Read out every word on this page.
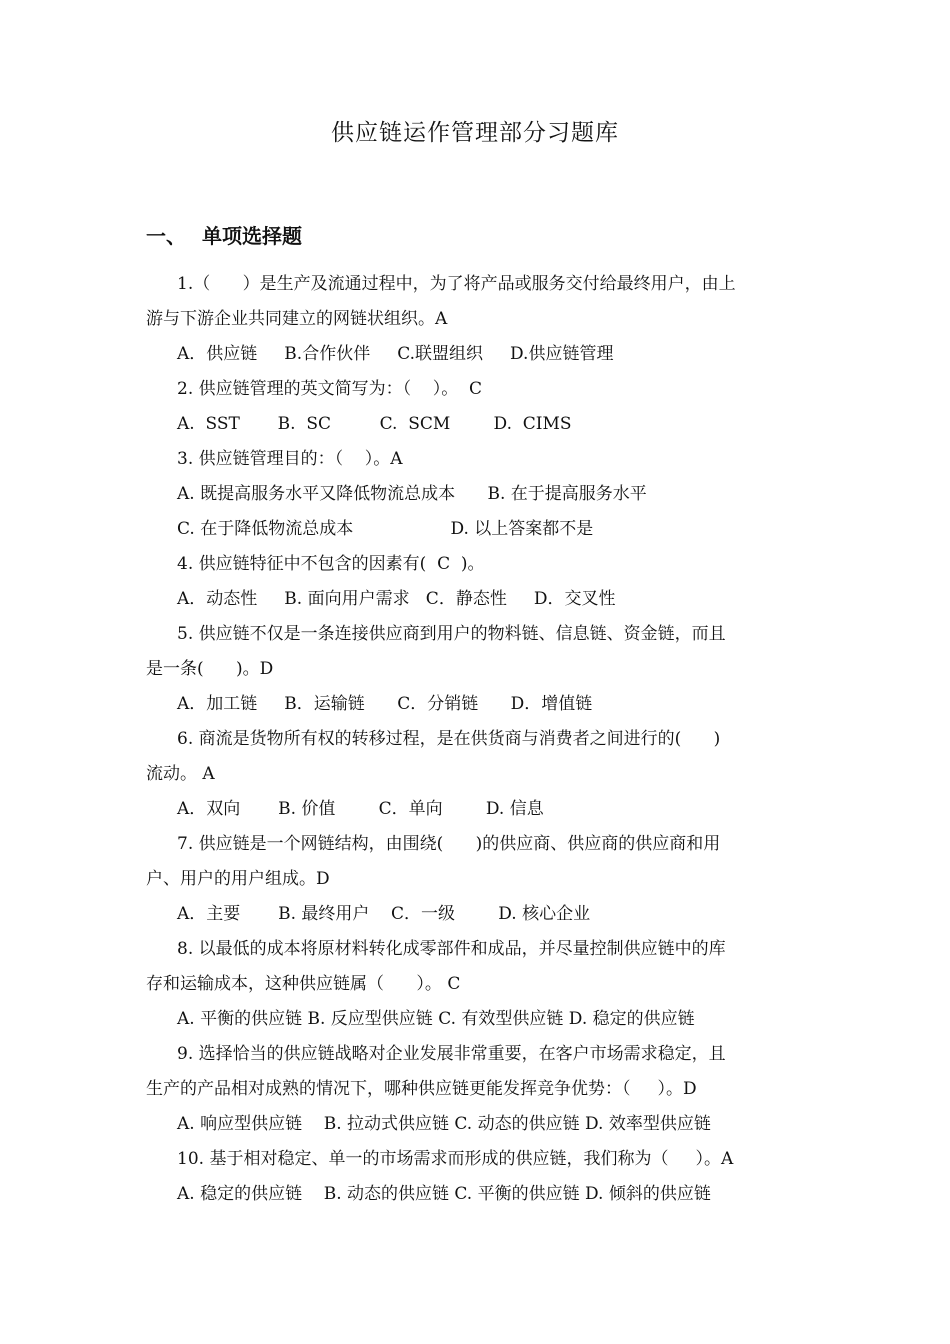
供应链运作管理部分习题库
一、 单项选择题
1.（      ）是生产及流通过程中，为了将产品或服务交付给最终用户，由上
游与下游企业共同建立的网链状组织。A
A．供应链     B.合作伙伴     C.联盟组织     D.供应链管理
2. 供应链管理的英文简写为：（    ）。  C
A.  SST       B.  SC         C.  SCM        D.  CIMS
3. 供应链管理目的：（    ）。A
A. 既提高服务水平又降低物流总成本      B. 在于提高服务水平
C. 在于降低物流总成本                  D. 以上答案都不是
4. 供应链特征中不包含的因素有(  C  )。
A．动态性     B. 面向用户需求   C．静态性     D．交叉性
5. 供应链不仅是一条连接供应商到用户的物料链、信息链、资金链，而且
是一条(      )。D
A．加工链     B．运输链      C．分销链      D．增值链
6. 商流是货物所有权的转移过程，是在供货商与消费者之间进行的(      )
流动。 A
A．双向       B. 价值        C．单向        D. 信息
7. 供应链是一个网链结构，由围绕(      )的供应商、供应商的供应商和用
户、用户的用户组成。D
A．主要       B. 最终用户    C．一级        D. 核心企业
8. 以最低的成本将原材料转化成零部件和成品，并尽量控制供应链中的库
存和运输成本，这种供应链属（      ）。 C
A. 平衡的供应链 B. 反应型供应链 C. 有效型供应链 D. 稳定的供应链
9. 选择恰当的供应链战略对企业发展非常重要，在客户市场需求稳定，且
生产的产品相对成熟的情况下，哪种供应链更能发挥竞争优势：（     ）。D
A. 响应型供应链    B. 拉动式供应链 C. 动态的供应链 D. 效率型供应链
10. 基于相对稳定、单一的市场需求而形成的供应链，我们称为（     ）。A
A. 稳定的供应链    B. 动态的供应链 C. 平衡的供应链 D. 倾斜的供应链
